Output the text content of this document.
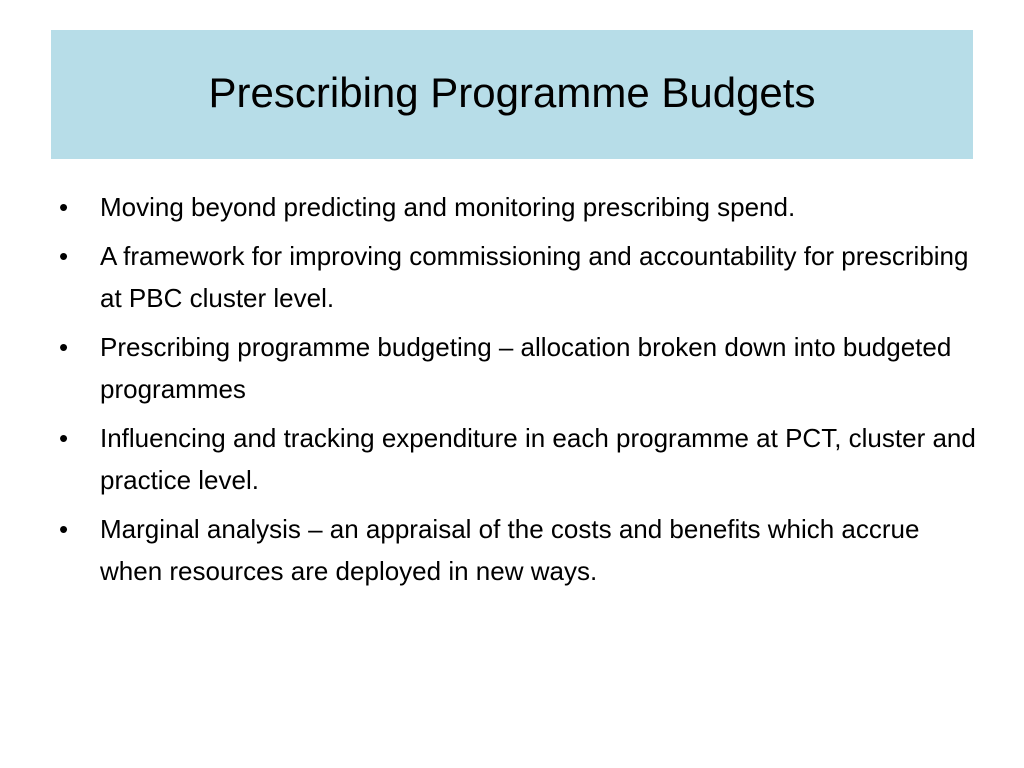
Prescribing Programme Budgets
•	Moving beyond predicting and monitoring prescribing spend.
•	A framework for improving commissioning and accountability for prescribing at PBC cluster level.
•	Prescribing programme budgeting – allocation broken down into budgeted programmes
•	Influencing and tracking expenditure in each programme at PCT, cluster and practice level.
•	Marginal analysis – an appraisal of the costs and benefits which accrue when resources are deployed in new ways.
